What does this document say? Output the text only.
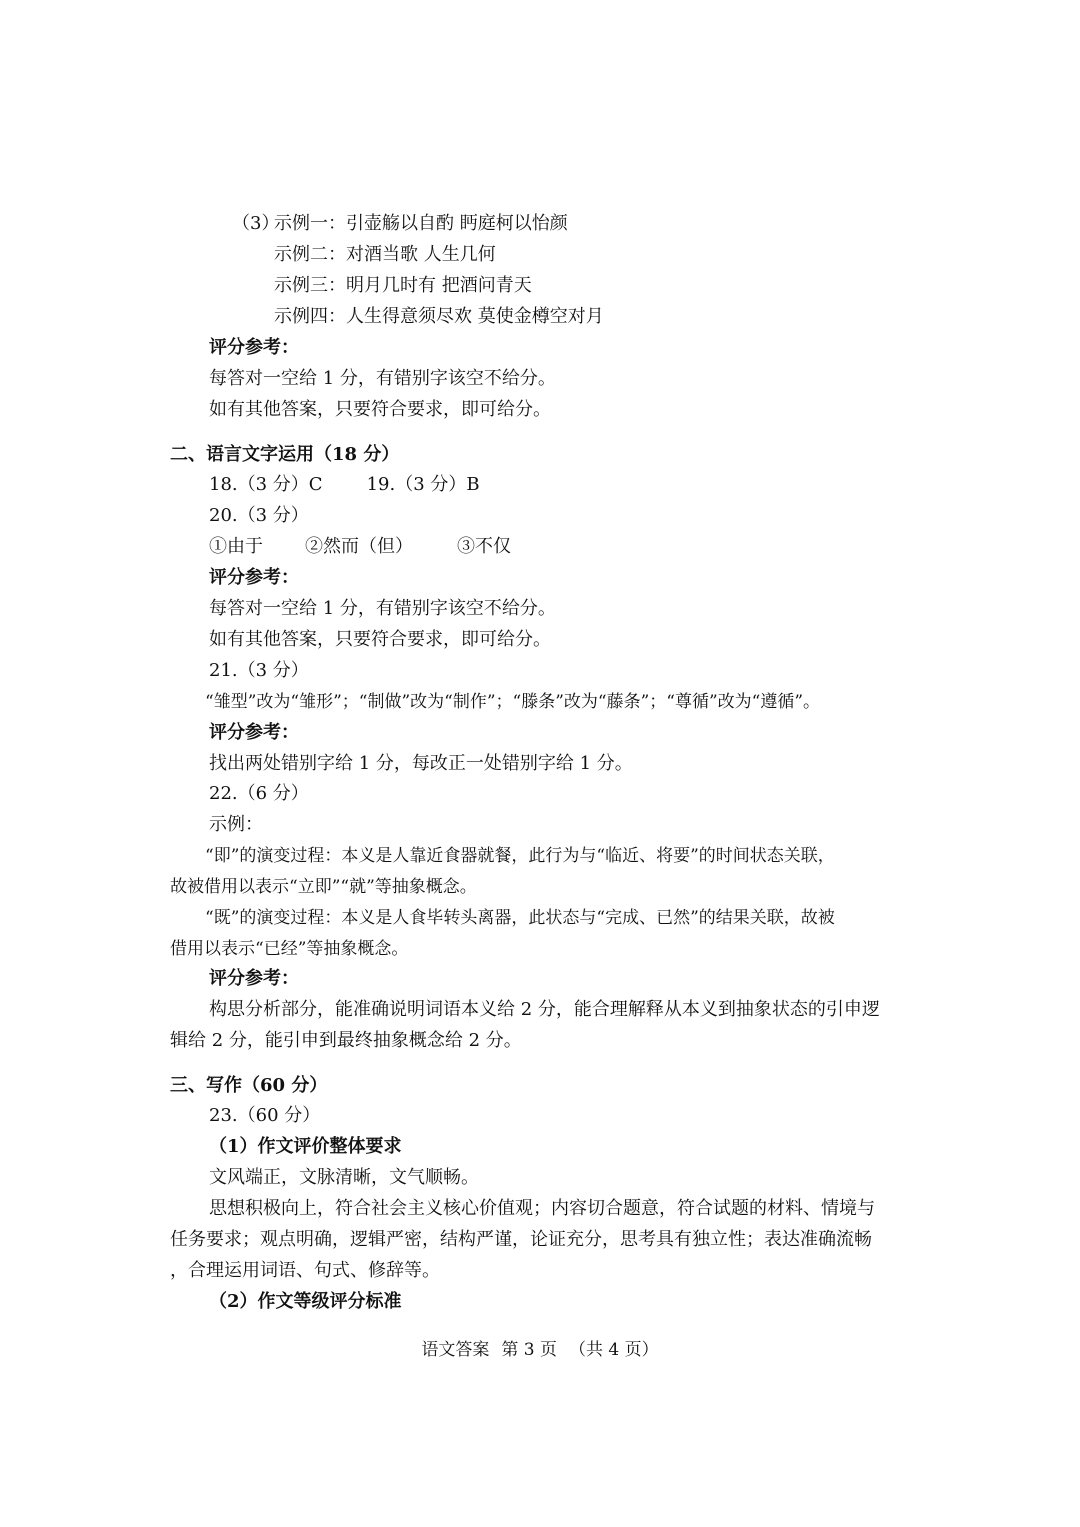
（3）
示例一：引壶觞以自酌 眄庭柯以怡颜
示例二：对酒当歌 人生几何
示例三：明月几时有 把酒问青天
示例四：人生得意须尽欢 莫使金樽空对月
评分参考：
每答对一空给 1 分，有错别字该空不给分。
如有其他答案，只要符合要求，即可给分。
二、语言文字运用（18 分）
18.（3 分）C 19.（3 分）B
20.（3 分）
①由于 ②然而（但） ③不仅
评分参考：
每答对一空给 1 分，有错别字该空不给分。
如有其他答案，只要符合要求，即可给分。
21.（3 分）
“雏型”改为“雏形”；“制做”改为“制作”；“滕条”改为“藤条”；“尊循”改为“遵循”。
评分参考：
找出两处错别字给 1 分，每改正一处错别字给 1 分。
22.（6 分）
示例：
“即”的演变过程：本义是人靠近食器就餐，此行为与“临近、将要”的时间状态关联，
故被借用以表示“立即”“就”等抽象概念。
“既”的演变过程：本义是人食毕转头离器，此状态与“完成、已然”的结果关联，故被
借用以表示“已经”等抽象概念。
评分参考：
构思分析部分，能准确说明词语本义给 2 分，能合理解释从本义到抽象状态的引申逻
辑给 2 分，能引申到最终抽象概念给 2 分。
三、写作（60 分）
23.（60 分）
（1）作文评价整体要求
文风端正，文脉清晰，文气顺畅。
思想积极向上，符合社会主义核心价值观；内容切合题意，符合试题的材料、情境与
任务要求；观点明确，逻辑严密，结构严谨，论证充分，思考具有独立性；表达准确流畅
，合理运用词语、句式、修辞等。
（2）作文等级评分标准
语文答案 第 3 页 （共 4 页）
